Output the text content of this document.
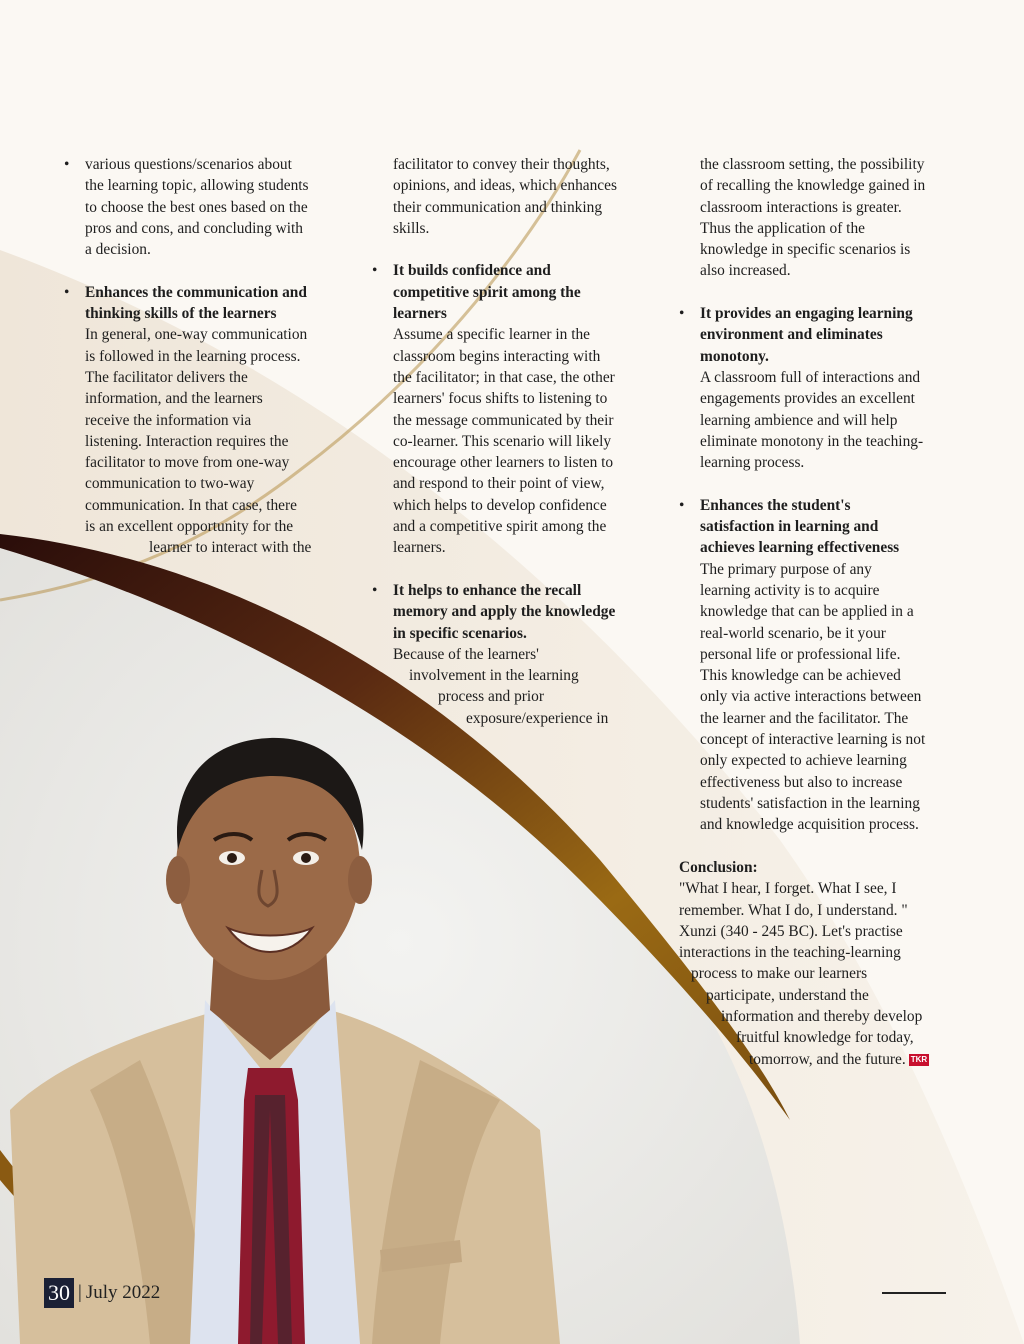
• various questions/scenarios about
the learning topic, allowing students
to choose the best ones based on the
pros and cons, and concluding with
a decision.
• Enhances the communication and
thinking skills of the learners
In general, one-way communication
is followed in the learning process.
The facilitator delivers the
information, and the learners
receive the information via
listening. Interaction requires the
facilitator to move from one-way
communication to two-way
communication. In that case, there
is an excellent opportunity for the
learner to interact with the
facilitator to convey their thoughts,
opinions, and ideas, which enhances
their communication and thinking
skills.
• It builds confidence and
competitive spirit among the
learners
Assume a specific learner in the
classroom begins interacting with
the facilitator; in that case, the other
learners' focus shifts to listening to
the message communicated by their
co-learner. This scenario will likely
encourage other learners to listen to
and respond to their point of view,
which helps to develop confidence
and a competitive spirit among the
learners.
• It helps to enhance the recall
memory and apply the knowledge
in specific scenarios.
Because of the learners'
involvement in the learning
process and prior
exposure/experience in
the classroom setting, the possibility
of recalling the knowledge gained in
classroom interactions is greater.
Thus the application of the
knowledge in specific scenarios is
also increased.
• It provides an engaging learning
environment and eliminates
monotony.
A classroom full of interactions and
engagements provides an excellent
learning ambience and will help
eliminate monotony in the teaching-
learning process.
• Enhances the student's
satisfaction in learning and
achieves learning effectiveness
The primary purpose of any
learning activity is to acquire
knowledge that can be applied in a
real-world scenario, be it your
personal life or professional life.
This knowledge can be achieved
only via active interactions between
the learner and the facilitator. The
concept of interactive learning is not
only expected to achieve learning
effectiveness but also to increase
students' satisfaction in the learning
and knowledge acquisition process.
Conclusion:
"What I hear, I forget. What I see, I
remember. What I do, I understand. "
Xunzi (340 - 245 BC). Let's practise
interactions in the teaching-learning
process to make our learners
participate, understand the
information and thereby develop
fruitful knowledge for today,
tomorrow, and the future. TKR
30 | July 2022
